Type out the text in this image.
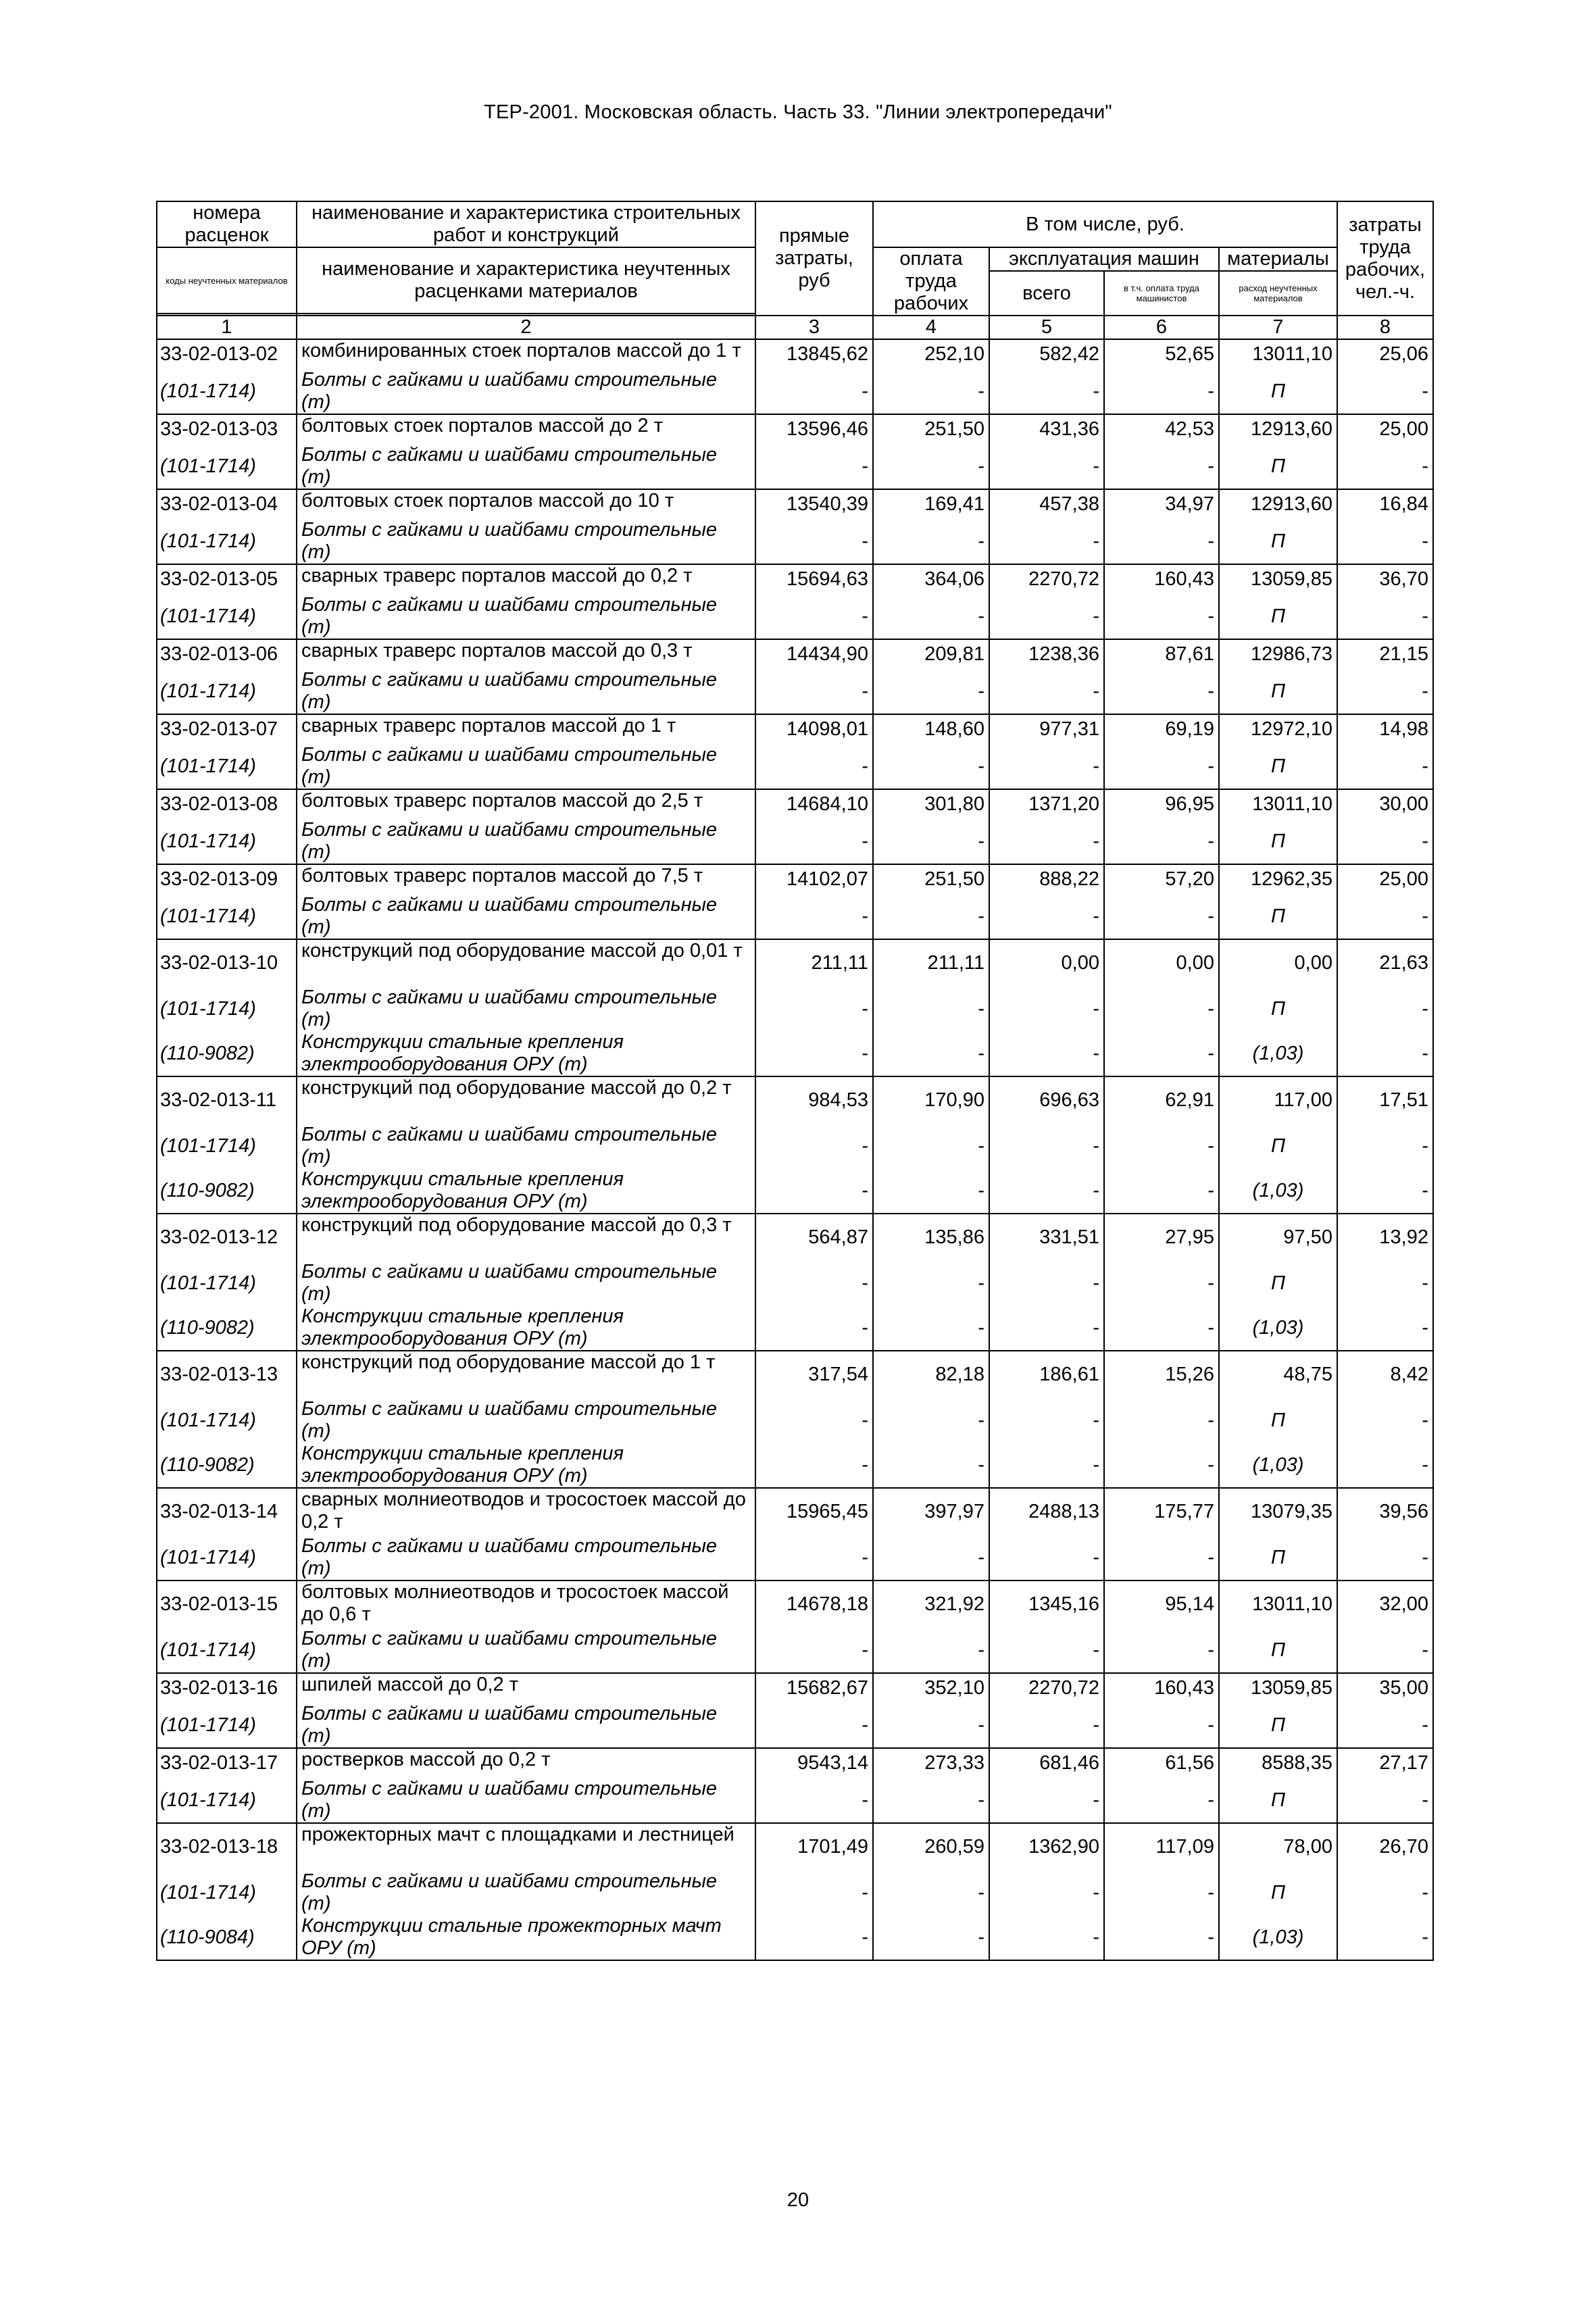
ТЕР-2001. Московская область. Часть 33. "Линии электропередачи"
номера расценок	наименование и характеристика строительных работ и конструкций	прямые затраты, руб	В том числе, руб.				затраты труда рабочих, чел.-ч.

коды неучтенных материалов	наименование и характеристика неучтенных расценками материалов		оплата труда рабочих	эксплуатация машин		материалы	
				всего	в т.ч. оплата труда машинистов	расход неучтенных материалов	

1	2	3	4	5	6	7	8
33-02-013-02	комбинированных стоек порталов массой до 1 т	13845,62	252,10	582,42	52,65	13011,10	25,06
(101-1714)	Болты с гайками и шайбами строительные (т)	-	-	-	-	П	-
33-02-013-03	болтовых стоек порталов массой до 2 т	13596,46	251,50	431,36	42,53	12913,60	25,00
(101-1714)	Болты с гайками и шайбами строительные (т)	-	-	-	-	П	-
33-02-013-04	болтовых стоек порталов массой до 10 т	13540,39	169,41	457,38	34,97	12913,60	16,84
(101-1714)	Болты с гайками и шайбами строительные (т)	-	-	-	-	П	-
33-02-013-05	сварных траверс порталов массой до 0,2 т	15694,63	364,06	2270,72	160,43	13059,85	36,70
(101-1714)	Болты с гайками и шайбами строительные (т)	-	-	-	-	П	-
33-02-013-06	сварных траверс порталов массой до 0,3 т	14434,90	209,81	1238,36	87,61	12986,73	21,15
(101-1714)	Болты с гайками и шайбами строительные (т)	-	-	-	-	П	-
33-02-013-07	сварных траверс порталов массой до 1 т	14098,01	148,60	977,31	69,19	12972,10	14,98
(101-1714)	Болты с гайками и шайбами строительные (т)	-	-	-	-	П	-
33-02-013-08	болтовых траверс порталов массой до 2,5 т	14684,10	301,80	1371,20	96,95	13011,10	30,00
(101-1714)	Болты с гайками и шайбами строительные (т)	-	-	-	-	П	-
33-02-013-09	болтовых траверс порталов массой до 7,5 т	14102,07	251,50	888,22	57,20	12962,35	25,00
(101-1714)	Болты с гайками и шайбами строительные (т)	-	-	-	-	П	-
33-02-013-10	конструкций под оборудование массой до 0,01 т	211,11	211,11	0,00	0,00	0,00	21,63
(101-1714)	Болты с гайками и шайбами строительные (т)	-	-	-	-	П	-
(110-9082)	Конструкции стальные крепления электрооборудования ОРУ (т)	-	-	-	-	(1,03)	-
33-02-013-11	конструкций под оборудование массой до 0,2 т	984,53	170,90	696,63	62,91	117,00	17,51
(101-1714)	Болты с гайками и шайбами строительные (т)	-	-	-	-	П	-
(110-9082)	Конструкции стальные крепления электрооборудования ОРУ (т)	-	-	-	-	(1,03)	-
33-02-013-12	конструкций под оборудование массой до 0,3 т	564,87	135,86	331,51	27,95	97,50	13,92
(101-1714)	Болты с гайками и шайбами строительные (т)	-	-	-	-	П	-
(110-9082)	Конструкции стальные крепления электрооборудования ОРУ (т)	-	-	-	-	(1,03)	-
33-02-013-13	конструкций под оборудование массой до 1 т	317,54	82,18	186,61	15,26	48,75	8,42
(101-1714)	Болты с гайками и шайбами строительные (т)	-	-	-	-	П	-
(110-9082)	Конструкции стальные крепления электрооборудования ОРУ (т)	-	-	-	-	(1,03)	-
33-02-013-14	сварных молниеотводов и тросостоек массой до 0,2 т	15965,45	397,97	2488,13	175,77	13079,35	39,56
(101-1714)	Болты с гайками и шайбами строительные (т)	-	-	-	-	П	-
33-02-013-15	болтовых молниеотводов и тросостоек массой до 0,6 т	14678,18	321,92	1345,16	95,14	13011,10	32,00
(101-1714)	Болты с гайками и шайбами строительные (т)	-	-	-	-	П	-
33-02-013-16	шпилей массой до 0,2 т	15682,67	352,10	2270,72	160,43	13059,85	35,00
(101-1714)	Болты с гайками и шайбами строительные (т)	-	-	-	-	П	-
33-02-013-17	ростверков массой до 0,2 т	9543,14	273,33	681,46	61,56	8588,35	27,17
(101-1714)	Болты с гайками и шайбами строительные (т)	-	-	-	-	П	-
33-02-013-18	прожекторных мачт с площадками и лестницей	1701,49	260,59	1362,90	117,09	78,00	26,70
(101-1714)	Болты с гайками и шайбами строительные (т)	-	-	-	-	П	-
(110-9084)	Конструкции стальные прожекторных мачт ОРУ (т)	-	-	-	-	(1,03)	-
20
